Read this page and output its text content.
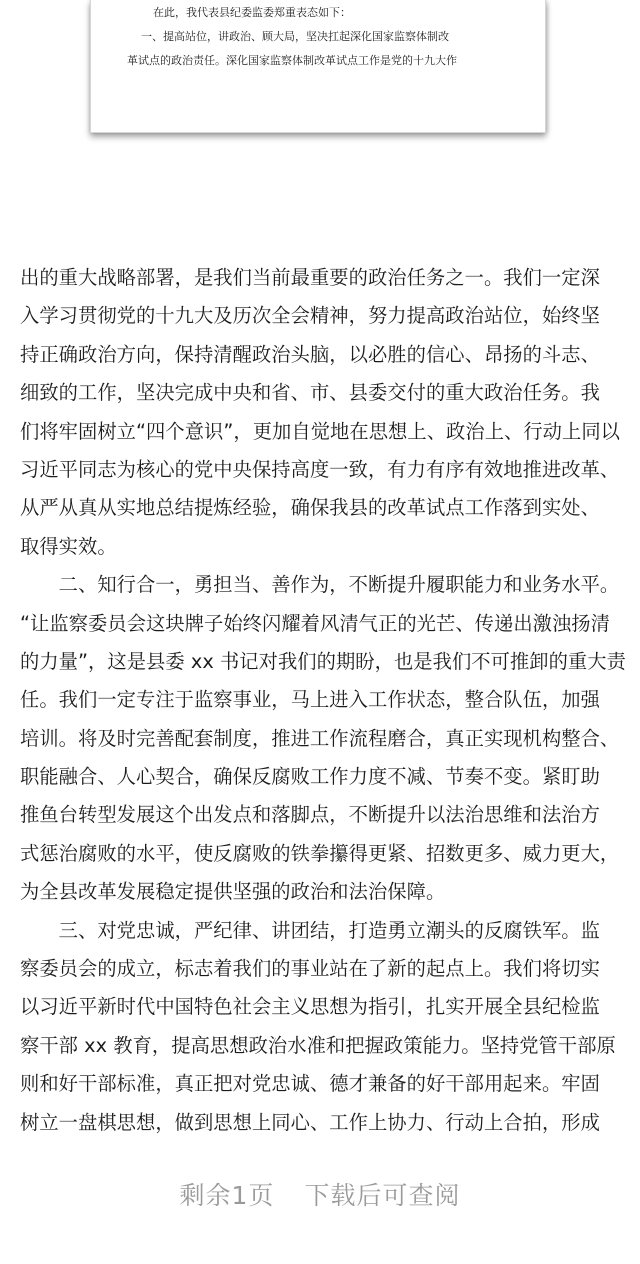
在此，我代表县纪委监委郑重表态如下：
一、提高站位，讲政治、顾大局，坚决扛起深化国家监察体制改
革试点的政治责任。深化国家监察体制改革试点工作是党的十九大作
出的重大战略部署，是我们当前最重要的政治任务之一。我们一定深
入学习贯彻党的十九大及历次全会精神，努力提高政治站位，始终坚
持正确政治方向，保持清醒政治头脑，以必胜的信心、昂扬的斗志、
细致的工作，坚决完成中央和省、市、县委交付的重大政治任务。我
们将牢固树立“四个意识”，更加自觉地在思想上、政治上、行动上同以
习近平同志为核心的党中央保持高度一致，有力有序有效地推进改革、
从严从真从实地总结提炼经验，确保我县的改革试点工作落到实处、
取得实效。
　　二、知行合一，勇担当、善作为，不断提升履职能力和业务水平。
“让监察委员会这块牌子始终闪耀着风清气正的光芒、传递出激浊扬清
的力量”，这是县委 xx 书记对我们的期盼，也是我们不可推卸的重大责
任。我们一定专注于监察事业，马上进入工作状态，整合队伍，加强
培训。将及时完善配套制度，推进工作流程磨合，真正实现机构整合、
职能融合、人心契合，确保反腐败工作力度不减、节奏不变。紧盯助
推鱼台转型发展这个出发点和落脚点，不断提升以法治思维和法治方
式惩治腐败的水平，使反腐败的铁拳攥得更紧、招数更多、威力更大，
为全县改革发展稳定提供坚强的政治和法治保障。
　　三、对党忠诚，严纪律、讲团结，打造勇立潮头的反腐铁军。监
察委员会的成立，标志着我们的事业站在了新的起点上。我们将切实
以习近平新时代中国特色社会主义思想为指引，扎实开展全县纪检监
察干部 xx 教育，提高思想政治水准和把握政策能力。坚持党管干部原
则和好干部标准，真正把对党忠诚、德才兼备的好干部用起来。牢固
树立一盘棋思想，做到思想上同心、工作上协力、行动上合拍，形成
剩余1页 下载后可查阅
